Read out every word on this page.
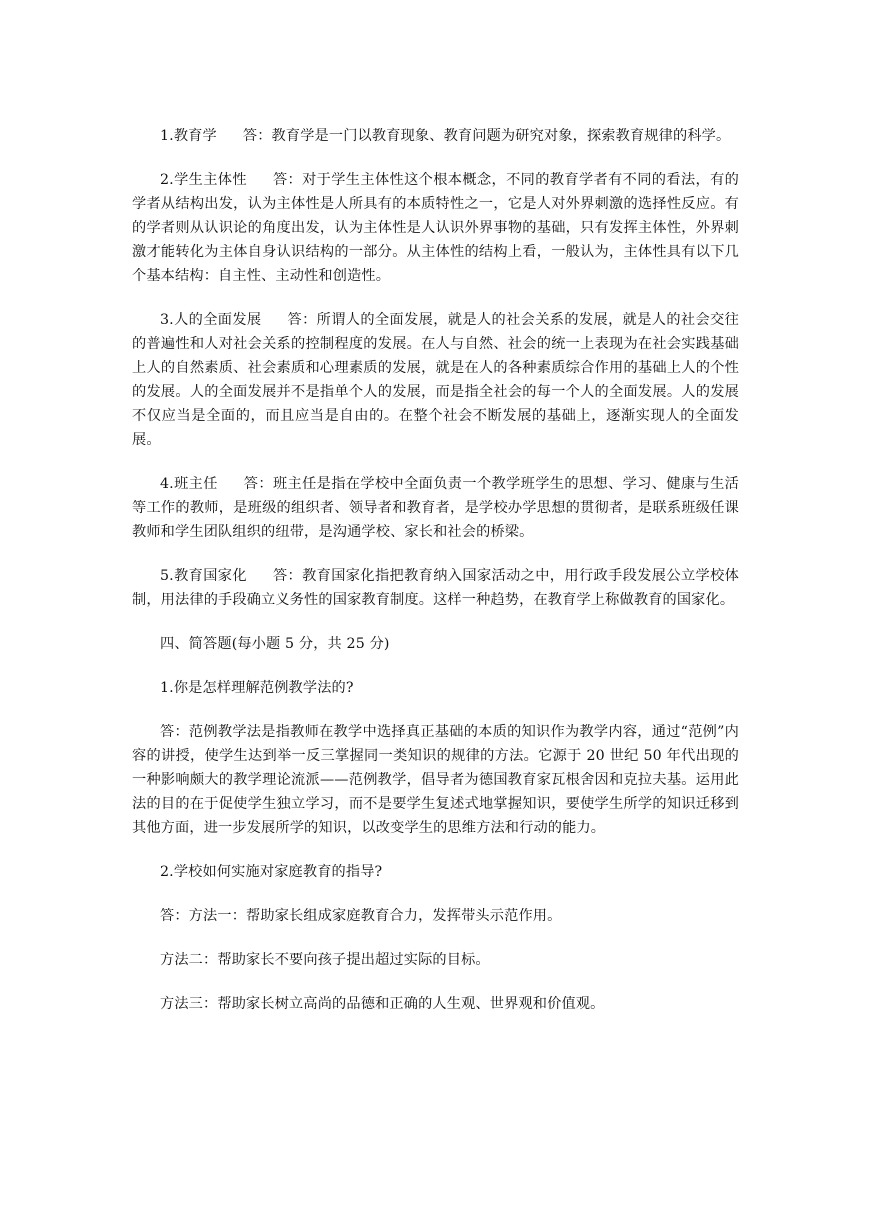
1.教育学 答：教育学是一门以教育现象、教育问题为研究对象，探索教育规律的科学。

2.学生主体性 答：对于学生主体性这个根本概念，不同的教育学者有不同的看法，有的学者从结构出发，认为主体性是人所具有的本质特性之一，它是人对外界刺激的选择性反应。有的学者则从认识论的角度出发，认为主体性是人认识外界事物的基础，只有发挥主体性，外界刺激才能转化为主体自身认识结构的一部分。从主体性的结构上看，一般认为，主体性具有以下几个基本结构：自主性、主动性和创造性。

3.人的全面发展 答：所谓人的全面发展，就是人的社会关系的发展，就是人的社会交往的普遍性和人对社会关系的控制程度的发展。在人与自然、社会的统一上表现为在社会实践基础上人的自然素质、社会素质和心理素质的发展，就是在人的各种素质综合作用的基础上人的个性的发展。人的全面发展并不是指单个人的发展，而是指全社会的每一个人的全面发展。人的发展不仅应当是全面的，而且应当是自由的。在整个社会不断发展的基础上，逐渐实现人的全面发展。

4.班主任 答：班主任是指在学校中全面负责一个教学班学生的思想、学习、健康与生活等工作的教师，是班级的组织者、领导者和教育者，是学校办学思想的贯彻者，是联系班级任课教师和学生团队组织的纽带，是沟通学校、家长和社会的桥梁。

5.教育国家化 答：教育国家化指把教育纳入国家活动之中，用行政手段发展公立学校体制，用法律的手段确立义务性的国家教育制度。这样一种趋势，在教育学上称做教育的国家化。

四、简答题(每小题 5 分，共 25 分)

1.你是怎样理解范例教学法的?

答：范例教学法是指教师在教学中选择真正基础的本质的知识作为教学内容，通过“范例”内容的讲授，使学生达到举一反三掌握同一类知识的规律的方法。它源于 20 世纪 50 年代出现的一种影响颇大的教学理论流派——范例教学，倡导者为德国教育家瓦根舍因和克拉夫基。运用此法的目的在于促使学生独立学习，而不是要学生复述式地掌握知识，要使学生所学的知识迁移到其他方面，进一步发展所学的知识，以改变学生的思维方法和行动的能力。

2.学校如何实施对家庭教育的指导?

答：方法一：帮助家长组成家庭教育合力，发挥带头示范作用。

方法二：帮助家长不要向孩子提出超过实际的目标。

方法三：帮助家长树立高尚的品德和正确的人生观、世界观和价值观。
